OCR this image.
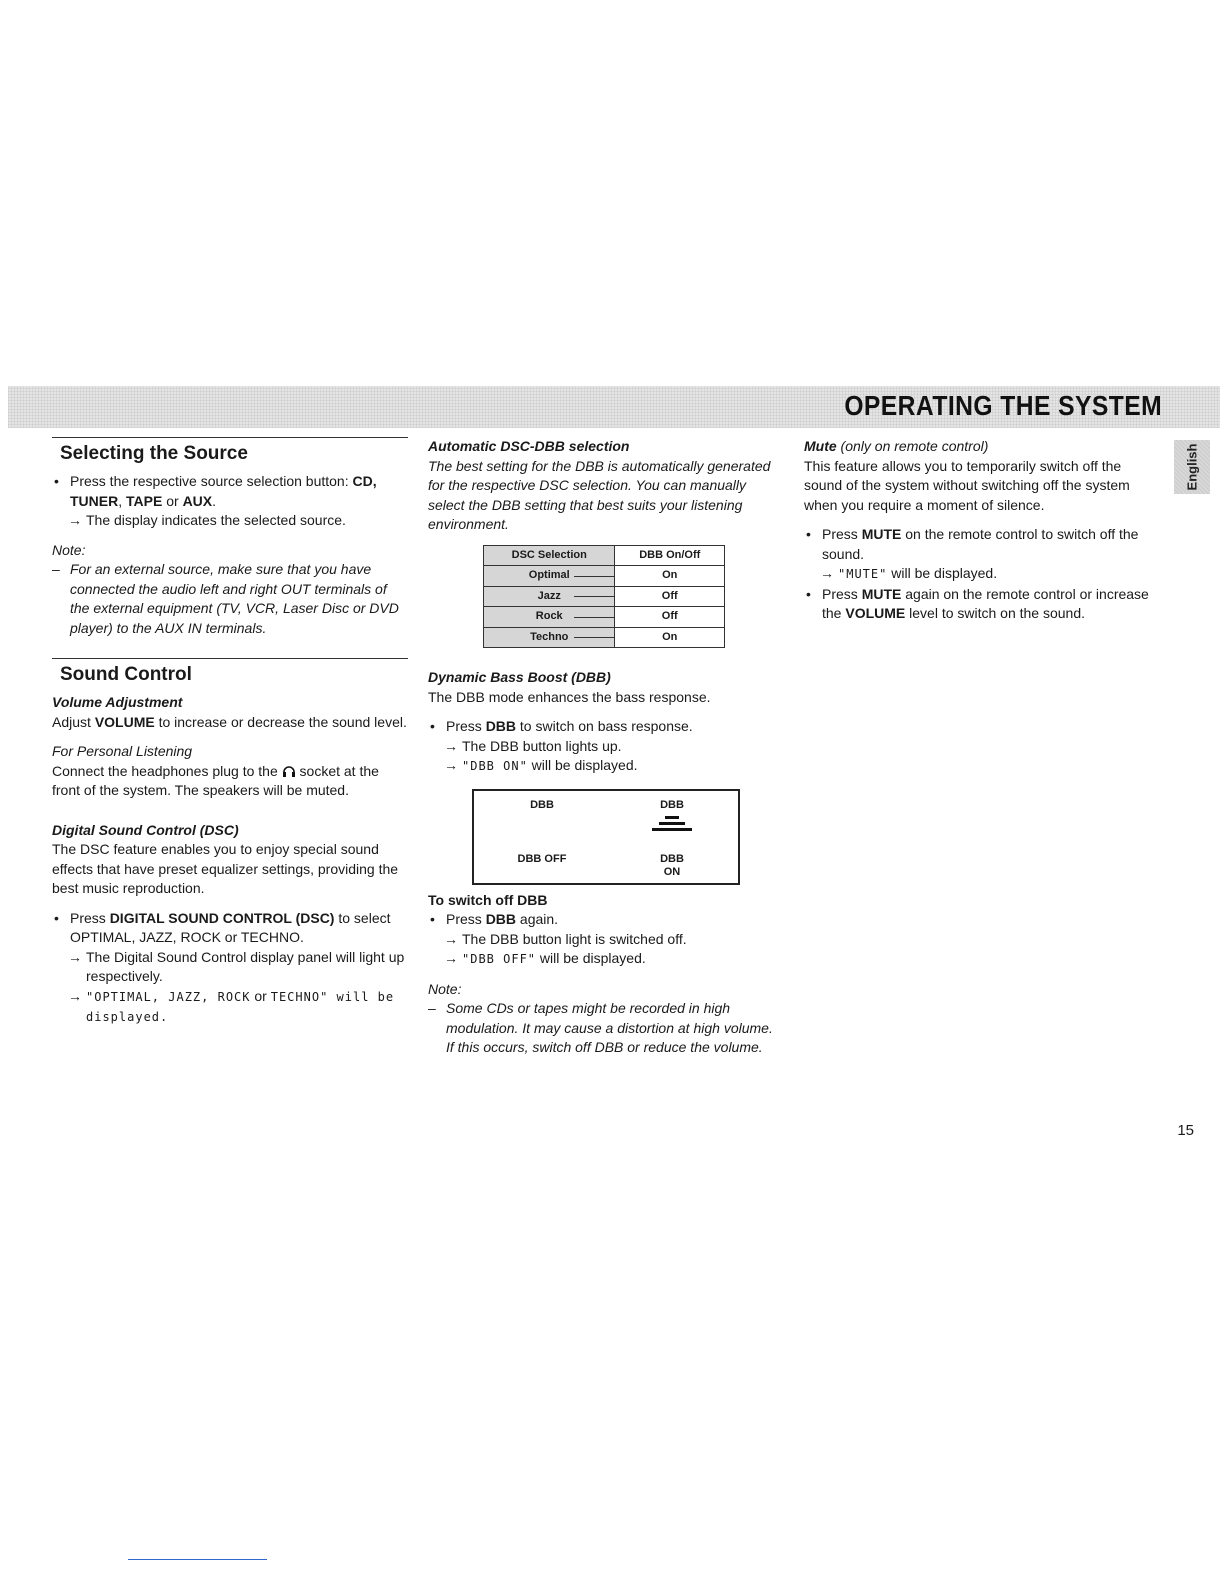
OPERATING THE SYSTEM
English
Selecting the Source

• Press the respective source selection button: CD,
TUNER, TAPE or AUX.

→ The display indicates the selected source.

Note:

– For an external source, make sure that you have connected the audio left and right OUT terminals of the external equipment (TV, VCR, Laser Disc or DVD player) to the AUX IN terminals.

Sound Control

Volume Adjustment

Adjust VOLUME to increase or decrease the sound level.

For Personal Listening

Connect the headphones plug to the  socket at the front of the system. The speakers will be muted.

Digital Sound Control (DSC)

The DSC feature enables you to enjoy special sound effects that have preset equalizer settings, providing the best music reproduction.

• Press DIGITAL SOUND CONTROL (DSC) to select OPTIMAL, JAZZ, ROCK or TECHNO.

→ The Digital Sound Control display panel will light up respectively.

→ "OPTIMAL, JAZZ, ROCK or TECHNO" will be displayed.

Automatic DSC-DBB selection

The best setting for the DBB is automatically generated for the respective DSC selection. You can manually select the DBB setting that best suits your listening environment.

DSC Selection	DBB On/Off
Optimal	On
Jazz	Off
Rock	Off
Techno	On

Dynamic Bass Boost (DBB)

The DBB mode enhances the bass response.

• Press DBB to switch on bass response.

→ The DBB button lights up.

→ "DBB ON" will be displayed.

DBB	DBB
DBB OFF	DBB ON

To switch off DBB

• Press DBB again.

→ The DBB button light is switched off.

→ "DBB OFF" will be displayed.

Note:

– Some CDs or tapes might be recorded in high modulation. It may cause a distortion at high volume. If this occurs, switch off DBB or reduce the volume.

Mute (only on remote control)

This feature allows you to temporarily switch off the sound of the system without switching off the system when you require a moment of silence.

• Press MUTE on the remote control to switch off the sound.

→ "MUTE" will be displayed.

• Press MUTE again on the remote control or increase the VOLUME level to switch on the sound.

15
